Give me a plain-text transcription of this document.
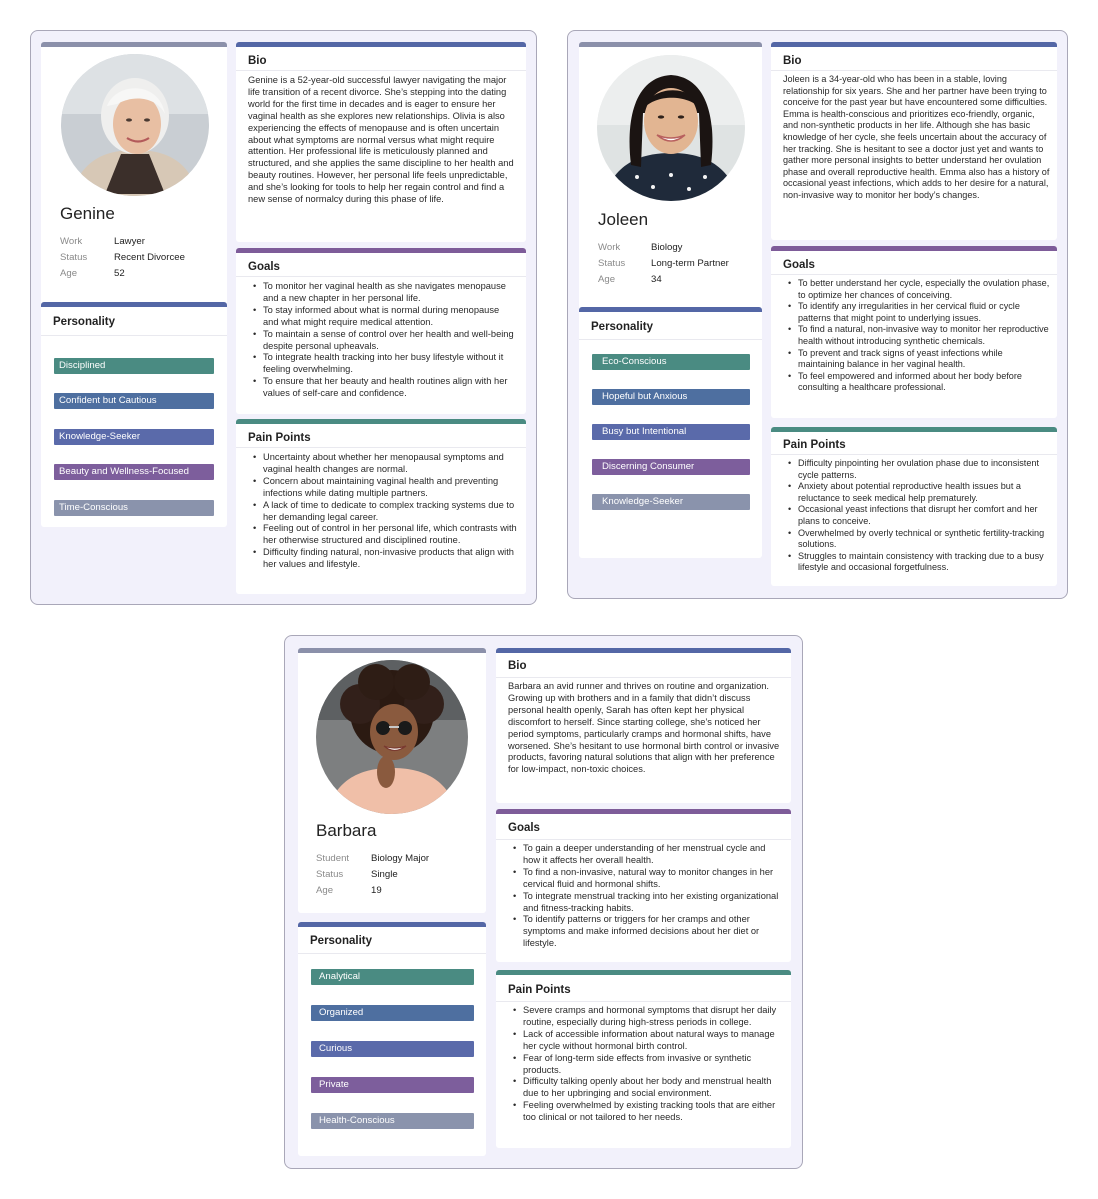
Genine
Work	Lawyer
Status	Recent Divorcee
Age	52
Personality
Disciplined
Confident but Cautious
Knowledge-Seeker
Beauty and Wellness-Focused
Time-Conscious
Bio
Genine is a 52-year-old successful lawyer navigating the major life transition of a recent divorce. She’s stepping into the dating world for the first time in decades and is eager to ensure her vaginal health as she explores new relationships. Olivia is also experiencing the effects of menopause and is often uncertain about what symptoms are normal versus what might require attention. Her professional life is meticulously planned and structured, and she applies the same discipline to her health and beauty routines. However, her personal life feels unpredictable, and she’s looking for tools to help her regain control and find a new sense of normalcy during this phase of life.
Goals
• To monitor her vaginal health as she navigates menopause and a new chapter in her personal life.
• To stay informed about what is normal during menopause and what might require medical attention.
• To maintain a sense of control over her health and well-being despite personal upheavals.
• To integrate health tracking into her busy lifestyle without it feeling overwhelming.
• To ensure that her beauty and health routines align with her values of self-care and confidence.
Pain Points
• Uncertainty about whether her menopausal symptoms and vaginal health changes are normal.
• Concern about maintaining vaginal health and preventing infections while dating multiple partners.
• A lack of time to dedicate to complex tracking systems due to her demanding legal career.
• Feeling out of control in her personal life, which contrasts with her otherwise structured and disciplined routine.
• Difficulty finding natural, non-invasive products that align with her values and lifestyle.
Joleen
Work	Biology
Status	Long-term Partner
Age	34
Personality
Eco-Conscious
Hopeful but Anxious
Busy but Intentional
Discerning Consumer
Knowledge-Seeker
Bio
Joleen is a 34-year-old who has been in a stable, loving relationship for six years. She and her partner have been trying to conceive for the past year but have encountered some difficulties. Emma is health-conscious and prioritizes eco-friendly, organic, and non-synthetic products in her life. Although she has basic knowledge of her cycle, she feels uncertain about the accuracy of her tracking. She is hesitant to see a doctor just yet and wants to gather more personal insights to better understand her ovulation phase and overall reproductive health. Emma also has a history of occasional yeast infections, which adds to her desire for a natural, non-invasive way to monitor her body’s changes.
Goals
• To better understand her cycle, especially the ovulation phase, to optimize her chances of conceiving.
• To identify any irregularities in her cervical fluid or cycle patterns that might point to underlying issues.
• To find a natural, non-invasive way to monitor her reproductive health without introducing synthetic chemicals.
• To prevent and track signs of yeast infections while maintaining balance in her vaginal health.
• To feel empowered and informed about her body before consulting a healthcare professional.
Pain Points
• Difficulty pinpointing her ovulation phase due to inconsistent cycle patterns.
• Anxiety about potential reproductive health issues but a reluctance to seek medical help prematurely.
• Occasional yeast infections that disrupt her comfort and her plans to conceive.
• Overwhelmed by overly technical or synthetic fertility-tracking solutions.
• Struggles to maintain consistency with tracking due to a busy lifestyle and occasional forgetfulness.
Barbara
Student	Biology Major
Status	Single
Age	19
Personality
Analytical
Organized
Curious
Private
Health-Conscious
Bio
Barbara an avid runner and thrives on routine and organization. Growing up with brothers and in a family that didn’t discuss personal health openly, Sarah has often kept her physical discomfort to herself. Since starting college, she’s noticed her period symptoms, particularly cramps and hormonal shifts, have worsened. She’s hesitant to use hormonal birth control or invasive products, favoring natural solutions that align with her preference for low-impact, non-toxic choices.
Goals
• To gain a deeper understanding of her menstrual cycle and how it affects her overall health.
• To find a non-invasive, natural way to monitor changes in her cervical fluid and hormonal shifts.
• To integrate menstrual tracking into her existing organizational and fitness-tracking habits.
• To identify patterns or triggers for her cramps and other symptoms and make informed decisions about her diet or lifestyle.
Pain Points
• Severe cramps and hormonal symptoms that disrupt her daily routine, especially during high-stress periods in college.
• Lack of accessible information about natural ways to manage her cycle without hormonal birth control.
• Fear of long-term side effects from invasive or synthetic products.
• Difficulty talking openly about her body and menstrual health due to her upbringing and social environment.
• Feeling overwhelmed by existing tracking tools that are either too clinical or not tailored to her needs.
